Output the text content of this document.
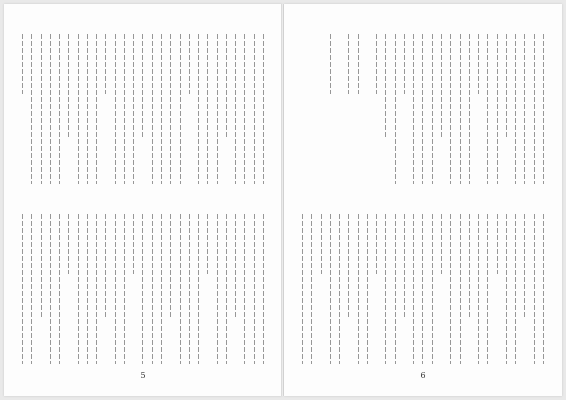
5	6
